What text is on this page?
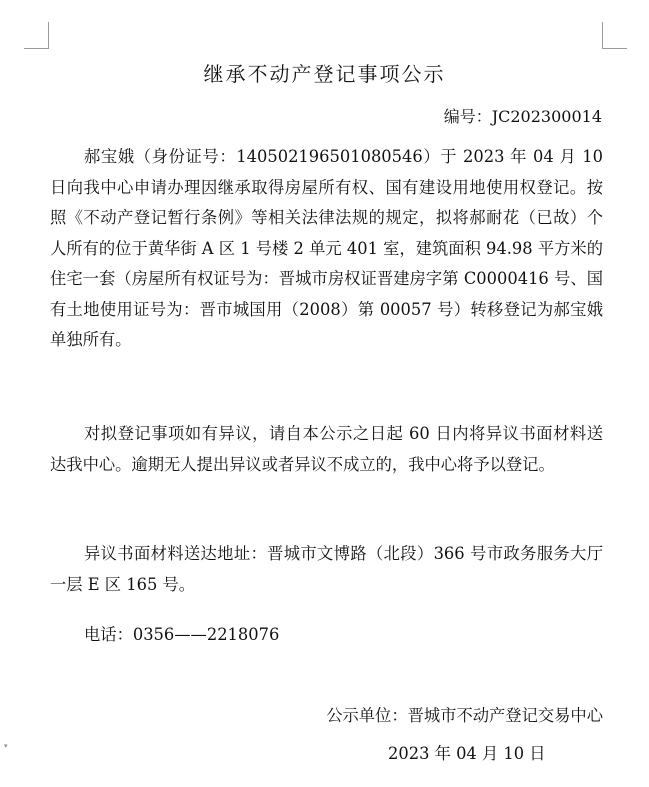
▾
继承不动产登记事项公示
编号：JC202300014

郝宝娥（身份证号：140502196501080546）于 2023 年 04 月 10 日向我中心申请办理因继承取得房屋所有权、国有建设用地使用权登记。按照《不动产登记暂行条例》等相关法律法规的规定，拟将郝耐花（已故）个人所有的位于黄华街 A 区 1 号楼 2 单元 401 室，建筑面积 94.98 平方米的住宅一套（房屋所有权证号为：晋城市房权证晋建房字第 C0000416 号、国有土地使用证号为：晋市城国用（2008）第 00057 号）转移登记为郝宝娥单独所有。

对拟登记事项如有异议，请自本公示之日起 60 日内将异议书面材料送达我中心。逾期无人提出异议或者异议不成立的，我中心将予以登记。

异议书面材料送达地址：晋城市文博路（北段）366 号市政务服务大厅一层 E 区 165 号。

电话：0356——2218076

公示单位：晋城市不动产登记交易中心
2023 年 04 月 10 日
